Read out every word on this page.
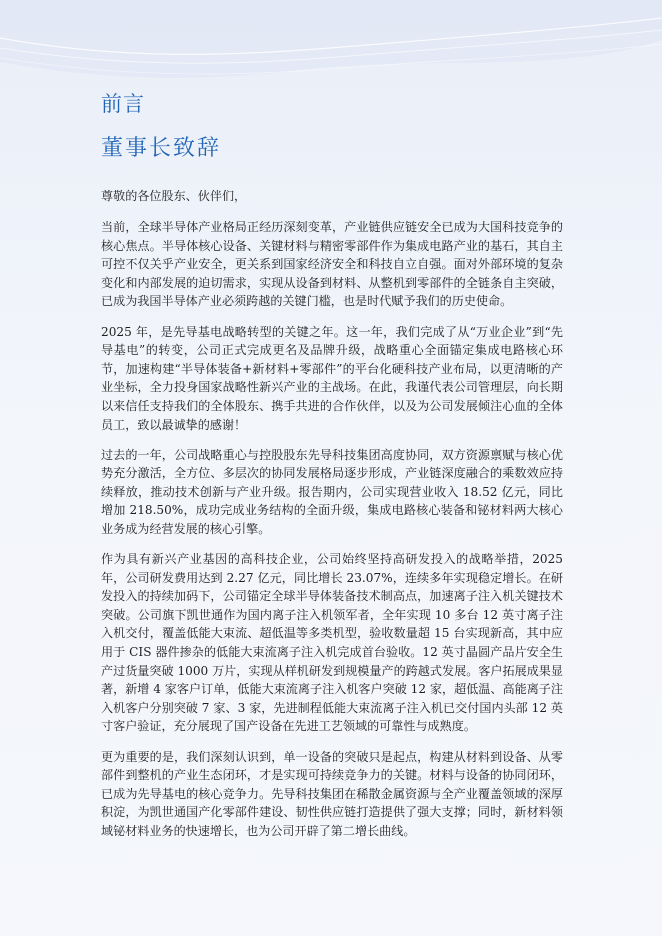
前言
董事长致辞

尊敬的各位股东、伙伴们，

当前，全球半导体产业格局正经历深刻变革，产业链供应链安全已成为大国科技竞争的核心焦点。半导体核心设备、关键材料与精密零部件作为集成电路产业的基石，其自主可控不仅关乎产业安全，更关系到国家经济安全和科技自立自强。面对外部环境的复杂变化和内部发展的迫切需求，实现从设备到材料、从整机到零部件的全链条自主突破，已成为我国半导体产业必须跨越的关键门槛，也是时代赋予我们的历史使命。

2025 年，是先导基电战略转型的关键之年。这一年，我们完成了从“万业企业”到“先导基电”的转变，公司正式完成更名及品牌升级，战略重心全面锚定集成电路核心环节，加速构建“半导体装备+新材料+零部件”的平台化硬科技产业布局，以更清晰的产业坐标，全力投身国家战略性新兴产业的主战场。在此，我谨代表公司管理层，向长期以来信任支持我们的全体股东、携手共进的合作伙伴，以及为公司发展倾注心血的全体员工，致以最诚挚的感谢！

过去的一年，公司战略重心与控股股东先导科技集团高度协同，双方资源禀赋与核心优势充分激活，全方位、多层次的协同发展格局逐步形成，产业链深度融合的乘数效应持续释放，推动技术创新与产业升级。报告期内，公司实现营业收入 18.52 亿元，同比增加 218.50%，成功完成业务结构的全面升级，集成电路核心装备和铋材料两大核心业务成为经营发展的核心引擎。

作为具有新兴产业基因的高科技企业，公司始终坚持高研发投入的战略举措，2025 年，公司研发费用达到 2.27 亿元，同比增长 23.07%，连续多年实现稳定增长。在研发投入的持续加码下，公司锚定全球半导体装备技术制高点，加速离子注入机关键技术突破。公司旗下凯世通作为国内离子注入机领军者，全年实现 10 多台 12 英寸离子注入机交付，覆盖低能大束流、超低温等多类机型，验收数量超 15 台实现新高，其中应用于 CIS 器件掺杂的低能大束流离子注入机完成首台验收。12 英寸晶圆产品片安全生产过货量突破 1000 万片，实现从样机研发到规模量产的跨越式发展。客户拓展成果显著，新增 4 家客户订单，低能大束流离子注入机客户突破 12 家，超低温、高能离子注入机客户分别突破 7 家、3 家，先进制程低能大束流离子注入机已交付国内头部 12 英寸客户验证，充分展现了国产设备在先进工艺领域的可靠性与成熟度。

更为重要的是，我们深刻认识到，单一设备的突破只是起点，构建从材料到设备、从零部件到整机的产业生态闭环，才是实现可持续竞争力的关键。材料与设备的协同闭环，已成为先导基电的核心竞争力。先导科技集团在稀散金属资源与全产业覆盖领域的深厚积淀，为凯世通国产化零部件建设、韧性供应链打造提供了强大支撑；同时，新材料领域铋材料业务的快速增长，也为公司开辟了第二增长曲线。
